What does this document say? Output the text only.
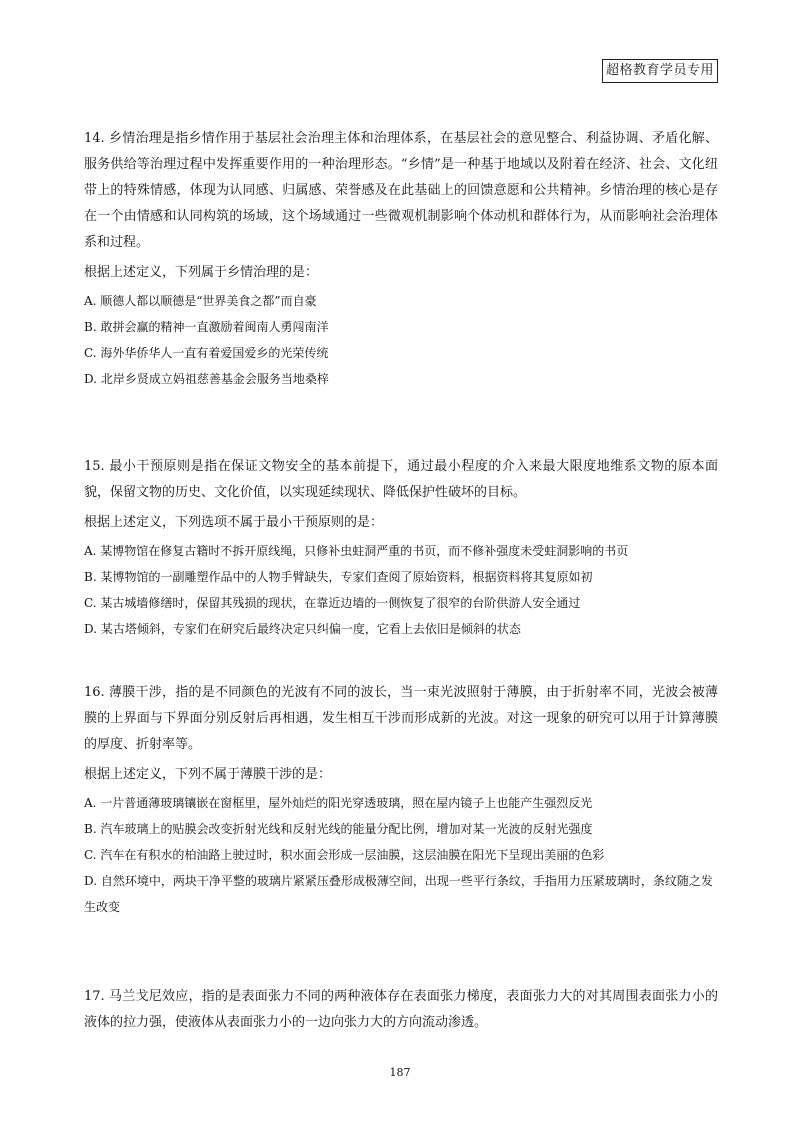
超格教育学员专用

14. 乡情治理是指乡情作用于基层社会治理主体和治理体系，在基层社会的意见整合、利益协调、矛盾化解、服务供给等治理过程中发挥重要作用的一种治理形态。“乡情”是一种基于地域以及附着在经济、社会、文化纽带上的特殊情感，体现为认同感、归属感、荣誉感及在此基础上的回馈意愿和公共精神。乡情治理的核心是存在一个由情感和认同构筑的场域，这个场域通过一些微观机制影响个体动机和群体行为，从而影响社会治理体系和过程。

根据上述定义，下列属于乡情治理的是：

A. 顺德人都以顺德是“世界美食之都”而自豪
B. 敢拼会赢的精神一直激励着闽南人勇闯南洋
C. 海外华侨华人一直有着爱国爱乡的光荣传统
D. 北岸乡贤成立妈祖慈善基金会服务当地桑梓

15. 最小干预原则是指在保证文物安全的基本前提下，通过最小程度的介入来最大限度地维系文物的原本面貌，保留文物的历史、文化价值，以实现延续现状、降低保护性破坏的目标。

根据上述定义，下列选项不属于最小干预原则的是：

A. 某博物馆在修复古籍时不拆开原线绳，只修补虫蛀洞严重的书页，而不修补强度未受蛀洞影响的书页
B. 某博物馆的一副雕塑作品中的人物手臂缺失，专家们查阅了原始资料，根据资料将其复原如初
C. 某古城墙修缮时，保留其残损的现状，在靠近边墙的一侧恢复了很窄的台阶供游人安全通过
D. 某古塔倾斜，专家们在研究后最终决定只纠偏一度，它看上去依旧是倾斜的状态

16. 薄膜干涉，指的是不同颜色的光波有不同的波长，当一束光波照射于薄膜，由于折射率不同，光波会被薄膜的上界面与下界面分别反射后再相遇，发生相互干涉而形成新的光波。对这一现象的研究可以用于计算薄膜的厚度、折射率等。

根据上述定义，下列不属于薄膜干涉的是：

A. 一片普通薄玻璃镶嵌在窗框里，屋外灿烂的阳光穿透玻璃，照在屋内镜子上也能产生强烈反光
B. 汽车玻璃上的贴膜会改变折射光线和反射光线的能量分配比例，增加对某一光波的反射光强度
C. 汽车在有积水的柏油路上驶过时，积水面会形成一层油膜，这层油膜在阳光下呈现出美丽的色彩
D. 自然环境中，两块干净平整的玻璃片紧紧压叠形成极薄空间，出现一些平行条纹，手指用力压紧玻璃时，条纹随之发生改变

17. 马兰戈尼效应，指的是表面张力不同的两种液体存在表面张力梯度，表面张力大的对其周围表面张力小的液体的拉力强，使液体从表面张力小的一边向张力大的方向流动渗透。

187
